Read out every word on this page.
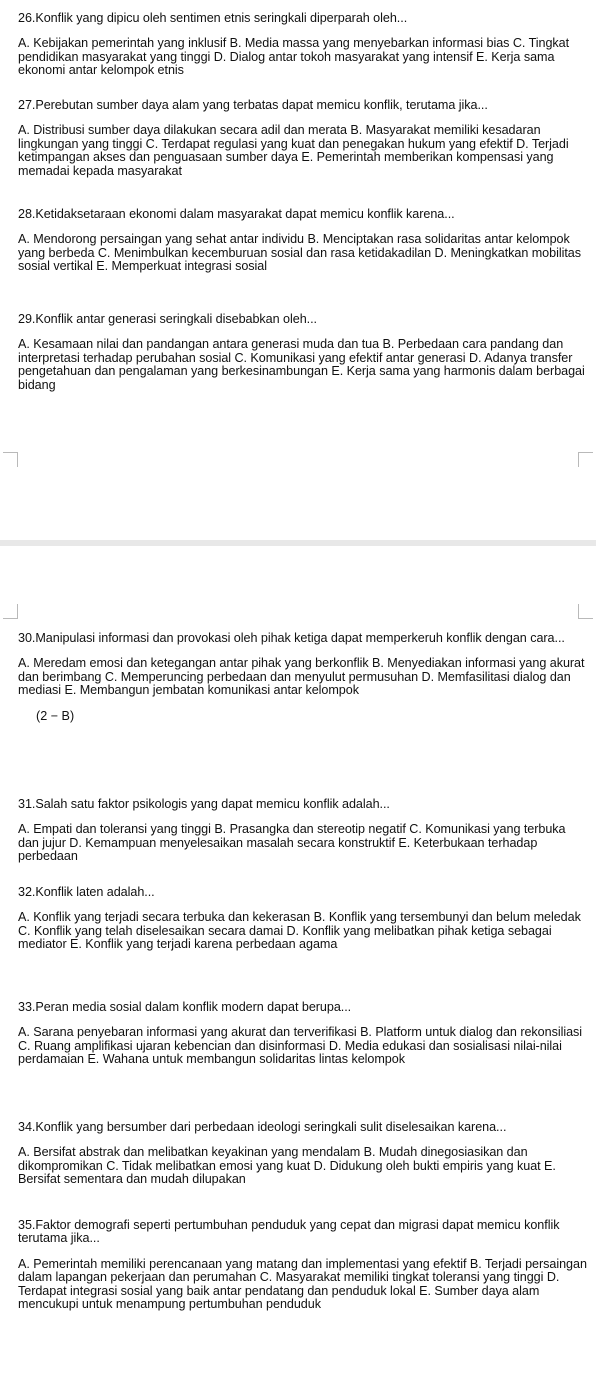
26.Konflik yang dipicu oleh sentimen etnis seringkali diperparah oleh...

A. Kebijakan pemerintah yang inklusif B. Media massa yang menyebarkan informasi bias C. Tingkat pendidikan masyarakat yang tinggi D. Dialog antar tokoh masyarakat yang intensif E. Kerja sama ekonomi antar kelompok etnis

27.Perebutan sumber daya alam yang terbatas dapat memicu konflik, terutama jika...

A. Distribusi sumber daya dilakukan secara adil dan merata B. Masyarakat memiliki kesadaran lingkungan yang tinggi C. Terdapat regulasi yang kuat dan penegakan hukum yang efektif D. Terjadi ketimpangan akses dan penguasaan sumber daya E. Pemerintah memberikan kompensasi yang memadai kepada masyarakat

28.Ketidaksetaraan ekonomi dalam masyarakat dapat memicu konflik karena...

A. Mendorong persaingan yang sehat antar individu B. Menciptakan rasa solidaritas antar kelompok yang berbeda C. Menimbulkan kecemburuan sosial dan rasa ketidakadilan D. Meningkatkan mobilitas sosial vertikal E. Memperkuat integrasi sosial

29.Konflik antar generasi seringkali disebabkan oleh...

A. Kesamaan nilai dan pandangan antara generasi muda dan tua B. Perbedaan cara pandang dan interpretasi terhadap perubahan sosial C. Komunikasi yang efektif antar generasi D. Adanya transfer pengetahuan dan pengalaman yang berkesinambungan E. Kerja sama yang harmonis dalam berbagai bidang

30.Manipulasi informasi dan provokasi oleh pihak ketiga dapat memperkeruh konflik dengan cara...

A. Meredam emosi dan ketegangan antar pihak yang berkonflik B. Menyediakan informasi yang akurat dan berimbang C. Memperuncing perbedaan dan menyulut permusuhan D. Memfasilitasi dialog dan mediasi E. Membangun jembatan komunikasi antar kelompok

(2 − B)

31.Salah satu faktor psikologis yang dapat memicu konflik adalah...

A. Empati dan toleransi yang tinggi B. Prasangka dan stereotip negatif C. Komunikasi yang terbuka dan jujur D. Kemampuan menyelesaikan masalah secara konstruktif E. Keterbukaan terhadap perbedaan

32.Konflik laten adalah...

A. Konflik yang terjadi secara terbuka dan kekerasan B. Konflik yang tersembunyi dan belum meledak C. Konflik yang telah diselesaikan secara damai D. Konflik yang melibatkan pihak ketiga sebagai mediator E. Konflik yang terjadi karena perbedaan agama

33.Peran media sosial dalam konflik modern dapat berupa...

A. Sarana penyebaran informasi yang akurat dan terverifikasi B. Platform untuk dialog dan rekonsiliasi C. Ruang amplifikasi ujaran kebencian dan disinformasi D. Media edukasi dan sosialisasi nilai-nilai perdamaian E. Wahana untuk membangun solidaritas lintas kelompok

34.Konflik yang bersumber dari perbedaan ideologi seringkali sulit diselesaikan karena...

A. Bersifat abstrak dan melibatkan keyakinan yang mendalam B. Mudah dinegosiasikan dan dikompromikan C. Tidak melibatkan emosi yang kuat D. Didukung oleh bukti empiris yang kuat E. Bersifat sementara dan mudah dilupakan

35.Faktor demografi seperti pertumbuhan penduduk yang cepat dan migrasi dapat memicu konflik terutama jika...

A. Pemerintah memiliki perencanaan yang matang dan implementasi yang efektif B. Terjadi persaingan dalam lapangan pekerjaan dan perumahan C. Masyarakat memiliki tingkat toleransi yang tinggi D. Terdapat integrasi sosial yang baik antar pendatang dan penduduk lokal E. Sumber daya alam mencukupi untuk menampung pertumbuhan penduduk
